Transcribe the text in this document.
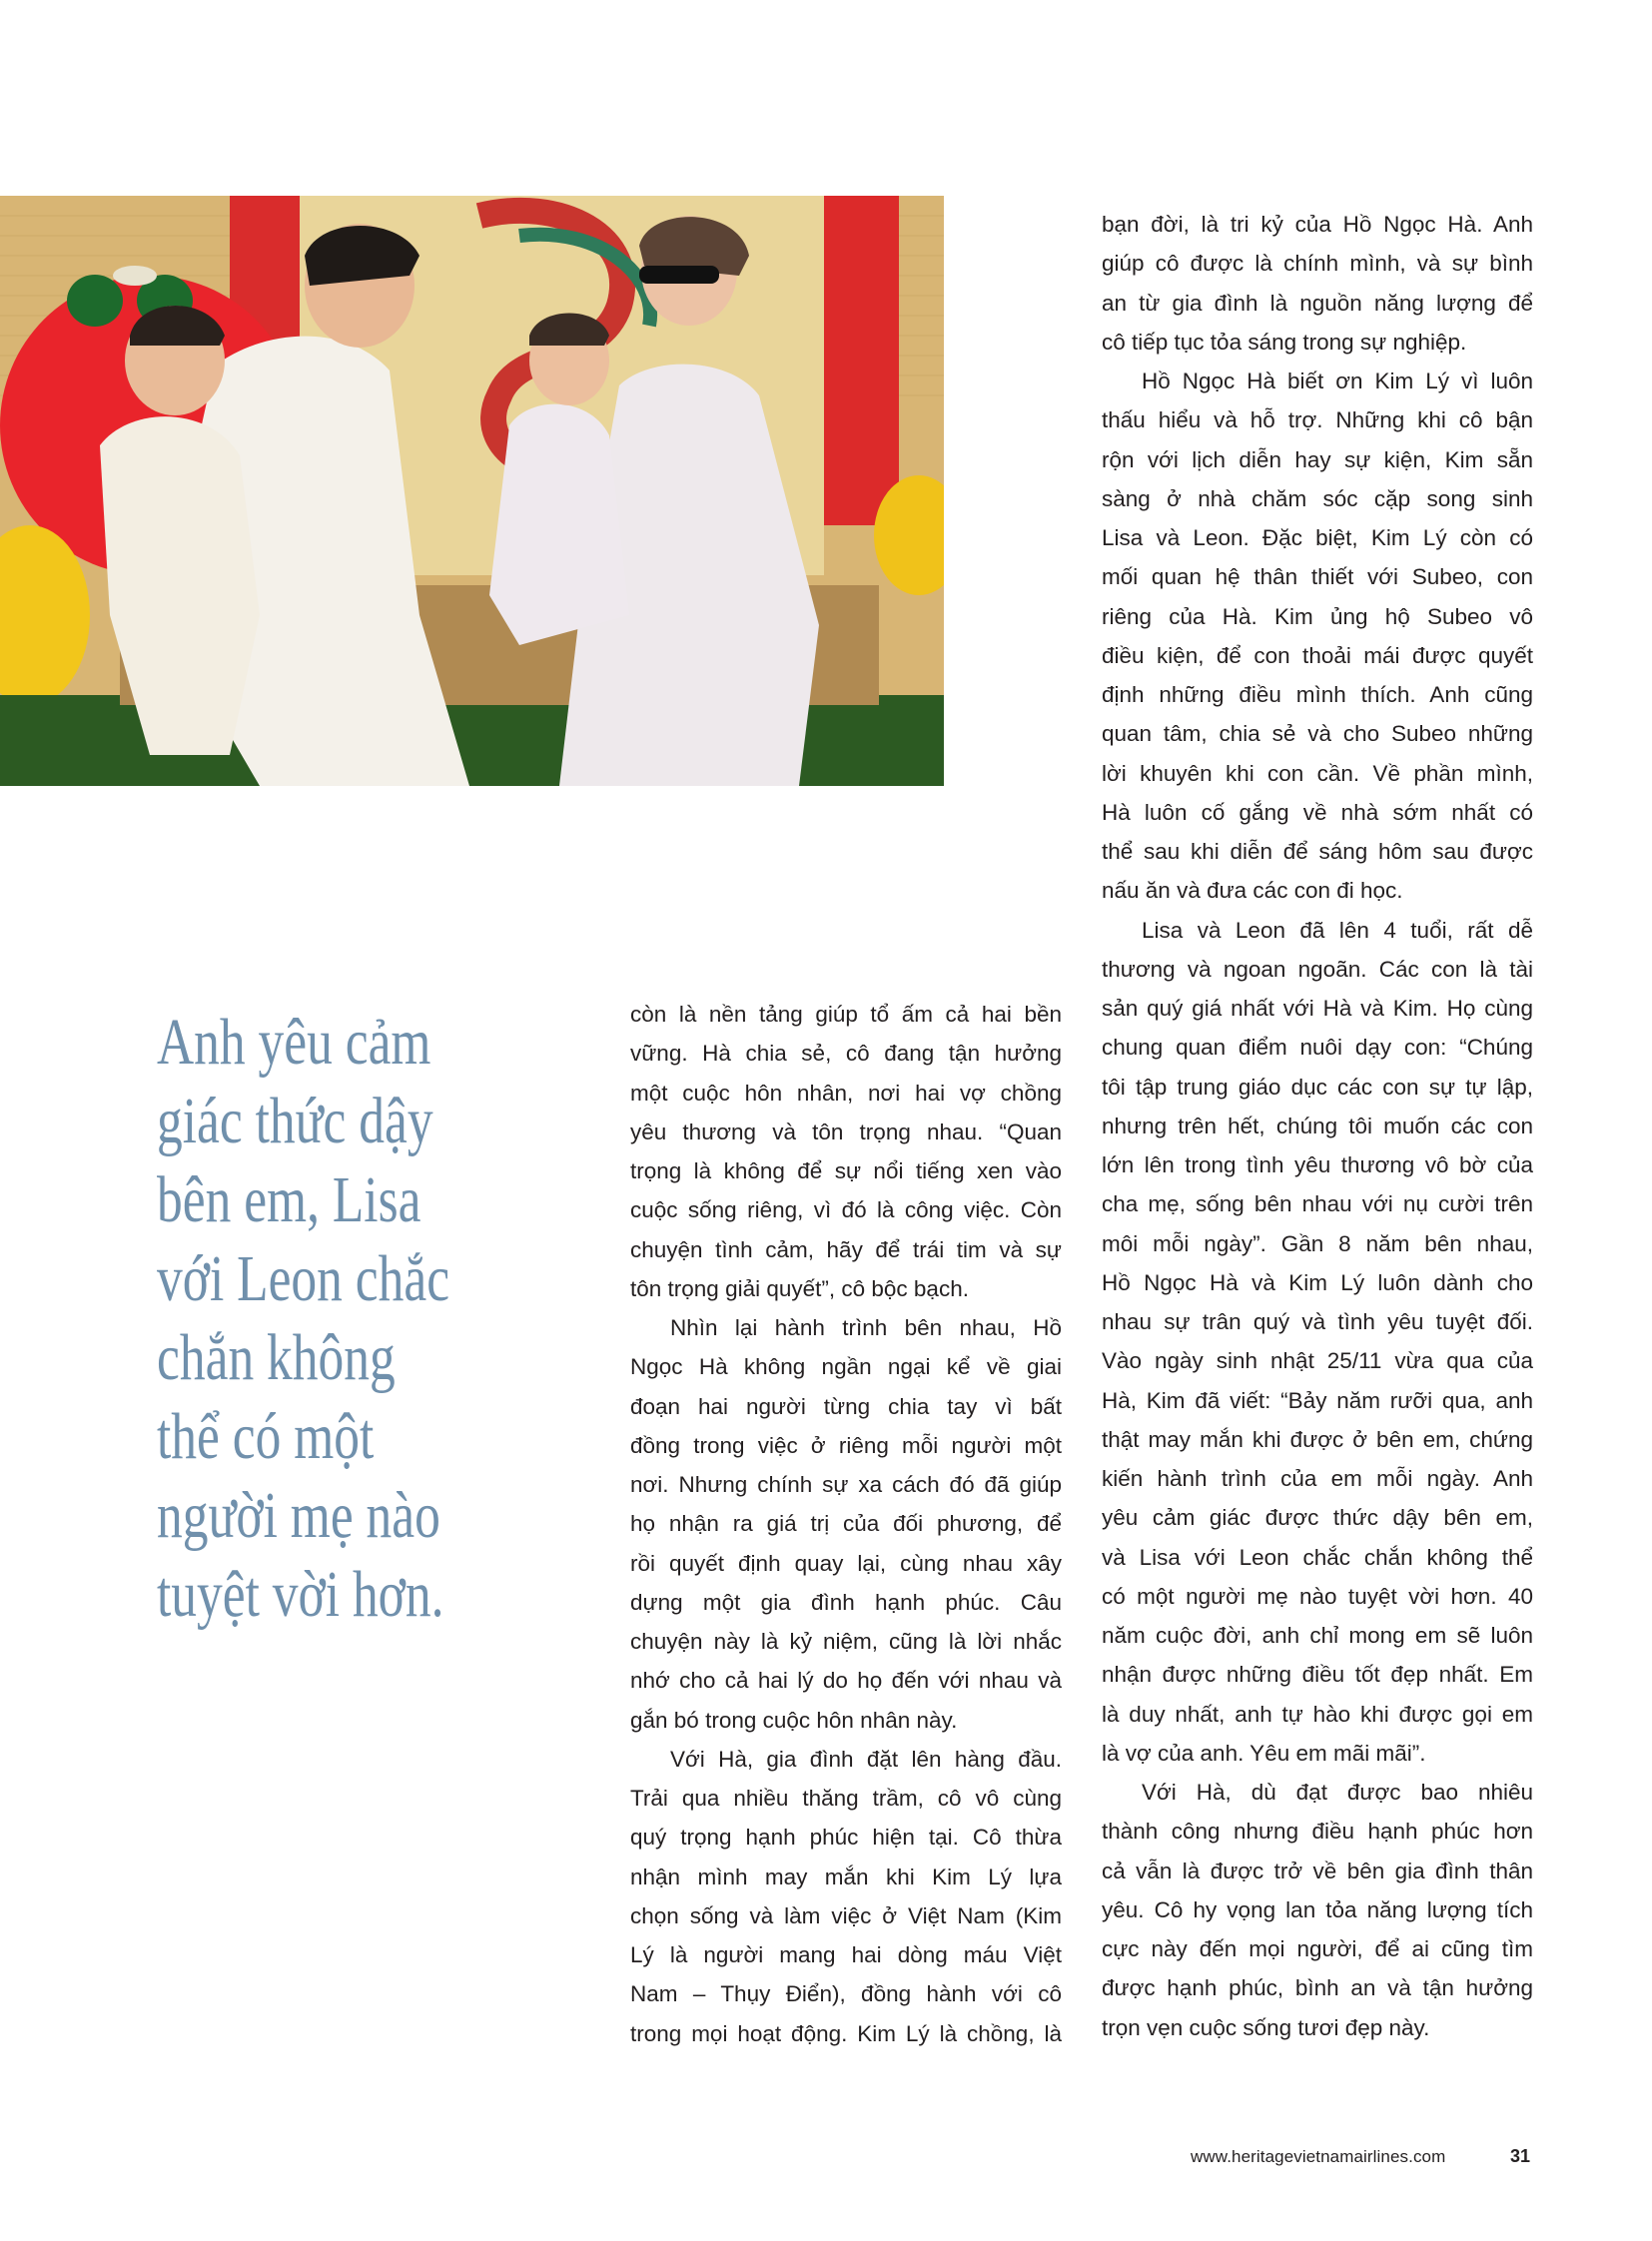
Anh yêu cảm
giác thức dậy
bên em, Lisa
với Leon chắc
chắn không
thể có một
người mẹ nào
tuyệt vời hơn.
còn là nền tảng giúp tổ ấm cả hai bền
vững. Hà chia sẻ, cô đang tận hưởng
một cuộc hôn nhân, nơi hai vợ chồng
yêu thương và tôn trọng nhau. “Quan
trọng là không để sự nổi tiếng xen vào
cuộc sống riêng, vì đó là công việc. Còn
chuyện tình cảm, hãy để trái tim và sự
tôn trọng giải quyết”, cô bộc bạch.
Nhìn lại hành trình bên nhau, Hồ
Ngọc Hà không ngần ngại kể về giai
đoạn hai người từng chia tay vì bất
đồng trong việc ở riêng mỗi người một
nơi. Nhưng chính sự xa cách đó đã giúp
họ nhận ra giá trị của đối phương, để
rồi quyết định quay lại, cùng nhau xây
dựng một gia đình hạnh phúc. Câu
chuyện này là kỷ niệm, cũng là lời nhắc
nhớ cho cả hai lý do họ đến với nhau và
gắn bó trong cuộc hôn nhân này.
Với Hà, gia đình đặt lên hàng đầu.
Trải qua nhiều thăng trầm, cô vô cùng
quý trọng hạnh phúc hiện tại. Cô thừa
nhận mình may mắn khi Kim Lý lựa
chọn sống và làm việc ở Việt Nam (Kim
Lý là người mang hai dòng máu Việt
Nam – Thụy Điển), đồng hành với cô
trong mọi hoạt động. Kim Lý là chồng, là
bạn đời, là tri kỷ của Hồ Ngọc Hà. Anh
giúp cô được là chính mình, và sự bình
an từ gia đình là nguồn năng lượng để
cô tiếp tục tỏa sáng trong sự nghiệp.
Hồ Ngọc Hà biết ơn Kim Lý vì luôn
thấu hiểu và hỗ trợ. Những khi cô bận
rộn với lịch diễn hay sự kiện, Kim sẵn
sàng ở nhà chăm sóc cặp song sinh
Lisa và Leon. Đặc biệt, Kim Lý còn có
mối quan hệ thân thiết với Subeo, con
riêng của Hà. Kim ủng hộ Subeo vô
điều kiện, để con thoải mái được quyết
định những điều mình thích. Anh cũng
quan tâm, chia sẻ và cho Subeo những
lời khuyên khi con cần. Về phần mình,
Hà luôn cố gắng về nhà sớm nhất có
thể sau khi diễn để sáng hôm sau được
nấu ăn và đưa các con đi học.
Lisa và Leon đã lên 4 tuổi, rất dễ
thương và ngoan ngoãn. Các con là tài
sản quý giá nhất với Hà và Kim. Họ cùng
chung quan điểm nuôi dạy con: “Chúng
tôi tập trung giáo dục các con sự tự lập,
nhưng trên hết, chúng tôi muốn các con
lớn lên trong tình yêu thương vô bờ của
cha mẹ, sống bên nhau với nụ cười trên
môi mỗi ngày”. Gần 8 năm bên nhau,
Hồ Ngọc Hà và Kim Lý luôn dành cho
nhau sự trân quý và tình yêu tuyệt đối.
Vào ngày sinh nhật 25/11 vừa qua của
Hà, Kim đã viết: “Bảy năm rưỡi qua, anh
thật may mắn khi được ở bên em, chứng
kiến hành trình của em mỗi ngày. Anh
yêu cảm giác được thức dậy bên em,
và Lisa với Leon chắc chắn không thể
có một người mẹ nào tuyệt vời hơn. 40
năm cuộc đời, anh chỉ mong em sẽ luôn
nhận được những điều tốt đẹp nhất. Em
là duy nhất, anh tự hào khi được gọi em
là vợ của anh. Yêu em mãi mãi”.
Với Hà, dù đạt được bao nhiêu
thành công nhưng điều hạnh phúc hơn
cả vẫn là được trở về bên gia đình thân
yêu. Cô hy vọng lan tỏa năng lượng tích
cực này đến mọi người, để ai cũng tìm
được hạnh phúc, bình an và tận hưởng
trọn vẹn cuộc sống tươi đẹp này.
www.heritagevietnamairlines.com	31
